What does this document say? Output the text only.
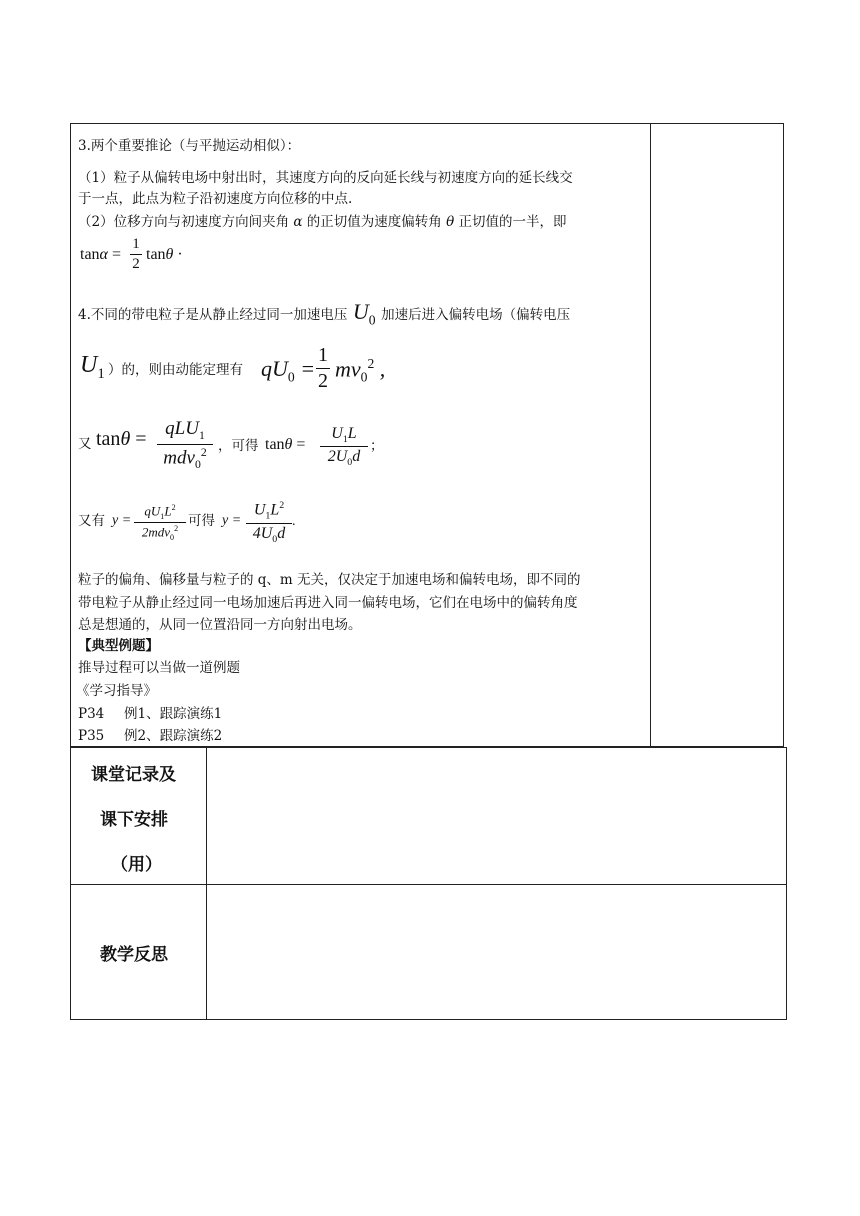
3.两个重要推论（与平抛运动相似）：
（1）粒子从偏转电场中射出时，其速度方向的反向延长线与初速度方向的延长线交
于一点，此点为粒子沿初速度方向位移的中点.
（2）位移方向与初速度方向间夹角 α 的正切值为速度偏转角 θ 正切值的一半，即
tanα =
1
2
tanθ ·
4.不同的带电粒子是从静止经过同一加速电压 $U_0$ 加速后进入偏转电场（偏转电压
$U_1$ ）的，则由动能定理有 $qU_0$ =
1
2 $mv_0^2$ ,
又 tanθ = qLU$_1$
mdv$_0^2$ ，可得 tanθ =
$U_1L$
$2U_0d$
；
又有 y =
$qU_1L^2$
2mdv$_0^2$ 可得 y =
$U_1L^2$
$4U_0d$
.
粒子的偏角、偏移量与粒子的 q、m 无关，仅决定于加速电场和偏转电场，即不同的
带电粒子从静止经过同一电场加速后再进入同一偏转电场，它们在电场中的偏转角度
总是想通的，从同一位置沿同一方向射出电场。
【典型例题】
推导过程可以当做一道例题
《学习指导》
P34 例1、跟踪演练1
P35 例2、跟踪演练2
课堂记录及
课下安排
（用）
教学反思
